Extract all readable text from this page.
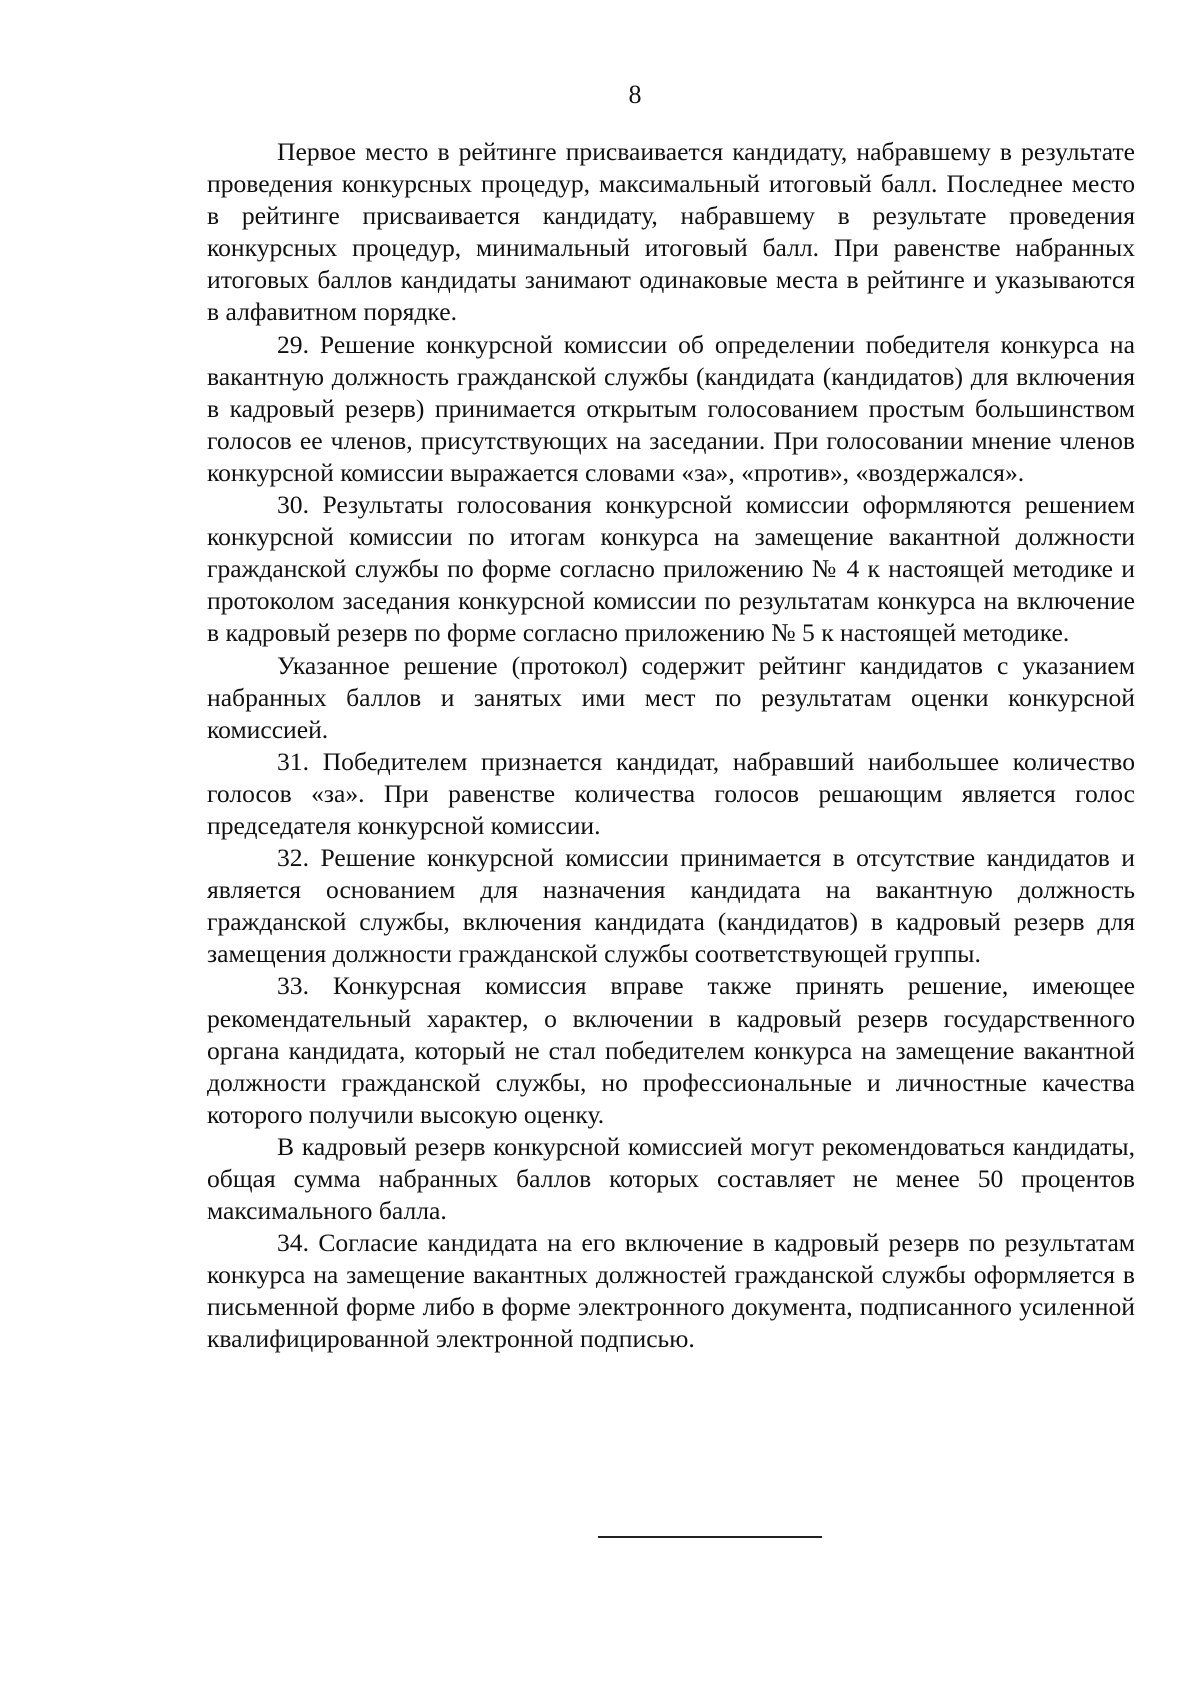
8

Первое место в рейтинге присваивается кандидату, набравшему в результате проведения конкурсных процедур, максимальный итоговый балл. Последнее место в рейтинге присваивается кандидату, набравшему в результате проведения конкурсных процедур, минимальный итоговый балл. При равенстве набранных итоговых баллов кандидаты занимают одинаковые места в рейтинге и указываются в алфавитном порядке.

29. Решение конкурсной комиссии об определении победителя конкурса на вакантную должность гражданской службы (кандидата (кандидатов) для включения в кадровый резерв) принимается открытым голосованием простым большинством голосов ее членов, присутствующих на заседании. При голосовании мнение членов конкурсной комиссии выражается словами «за», «против», «воздержался».

30. Результаты голосования конкурсной комиссии оформляются решением конкурсной комиссии по итогам конкурса на замещение вакантной должности гражданской службы по форме согласно приложению № 4 к настоящей методике и протоколом заседания конкурсной комиссии по результатам конкурса на включение в кадровый резерв по форме согласно приложению № 5 к настоящей методике.

Указанное решение (протокол) содержит рейтинг кандидатов с указанием набранных баллов и занятых ими мест по результатам оценки конкурсной комиссией.

31. Победителем признается кандидат, набравший наибольшее количество голосов «за». При равенстве количества голосов решающим является голос председателя конкурсной комиссии.

32. Решение конкурсной комиссии принимается в отсутствие кандидатов и является основанием для назначения кандидата на вакантную должность гражданской службы, включения кандидата (кандидатов) в кадровый резерв для замещения должности гражданской службы соответствующей группы.

33. Конкурсная комиссия вправе также принять решение, имеющее рекомендательный характер, о включении в кадровый резерв государственного органа кандидата, который не стал победителем конкурса на замещение вакантной должности гражданской службы, но профессиональные и личностные качества которого получили высокую оценку.

В кадровый резерв конкурсной комиссией могут рекомендоваться кандидаты, общая сумма набранных баллов которых составляет не менее 50 процентов максимального балла.

34. Согласие кандидата на его включение в кадровый резерв по результатам конкурса на замещение вакантных должностей гражданской службы оформляется в письменной форме либо в форме электронного документа, подписанного усиленной квалифицированной электронной подписью.
